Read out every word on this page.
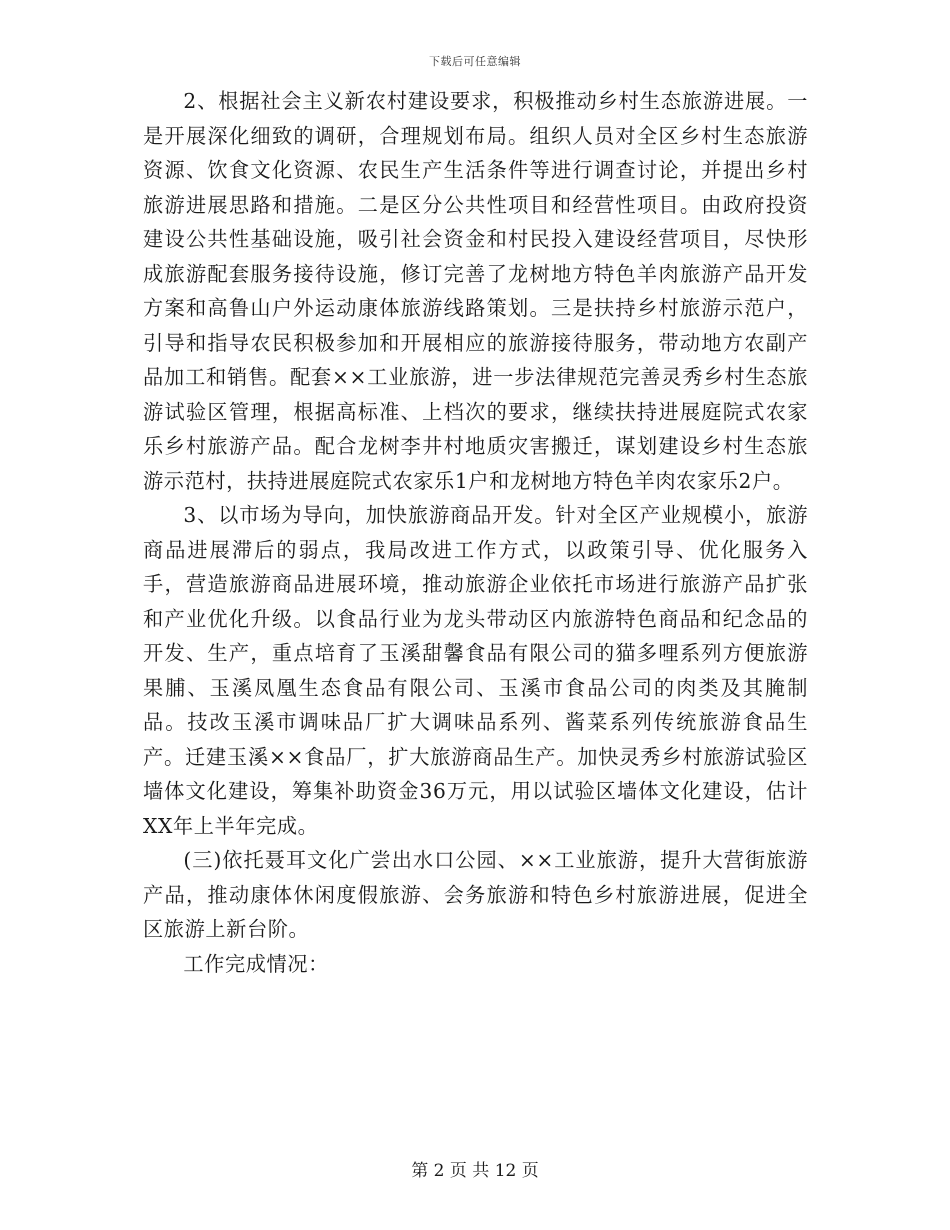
下载后可任意编辑

2、根据社会主义新农村建设要求，积极推动乡村生态旅游进展。一是开展深化细致的调研，合理规划布局。组织人员对全区乡村生态旅游资源、饮食文化资源、农民生产生活条件等进行调查讨论，并提出乡村旅游进展思路和措施。二是区分公共性项目和经营性项目。由政府投资建设公共性基础设施，吸引社会资金和村民投入建设经营项目，尽快形成旅游配套服务接待设施，修订完善了龙树地方特色羊肉旅游产品开发方案和高鲁山户外运动康体旅游线路策划。三是扶持乡村旅游示范户，引导和指导农民积极参加和开展相应的旅游接待服务，带动地方农副产品加工和销售。配套××工业旅游，进一步法律规范完善灵秀乡村生态旅游试验区管理，根据高标准、上档次的要求，继续扶持进展庭院式农家乐乡村旅游产品。配合龙树李井村地质灾害搬迁，谋划建设乡村生态旅游示范村，扶持进展庭院式农家乐1户和龙树地方特色羊肉农家乐2户。

3、以市场为导向，加快旅游商品开发。针对全区产业规模小，旅游商品进展滞后的弱点，我局改进工作方式，以政策引导、优化服务入手，营造旅游商品进展环境，推动旅游企业依托市场进行旅游产品扩张和产业优化升级。以食品行业为龙头带动区内旅游特色商品和纪念品的开发、生产，重点培育了玉溪甜馨食品有限公司的猫多哩系列方便旅游果脯、玉溪凤凰生态食品有限公司、玉溪市食品公司的肉类及其腌制品。技改玉溪市调味品厂扩大调味品系列、酱菜系列传统旅游食品生产。迁建玉溪××食品厂，扩大旅游商品生产。加快灵秀乡村旅游试验区墙体文化建设，筹集补助资金36万元，用以试验区墙体文化建设，估计XX年上半年完成。

(三)依托聂耳文化广尝出水口公园、××工业旅游，提升大营街旅游产品，推动康体休闲度假旅游、会务旅游和特色乡村旅游进展，促进全区旅游上新台阶。

工作完成情况：

第 2 页 共 12 页
